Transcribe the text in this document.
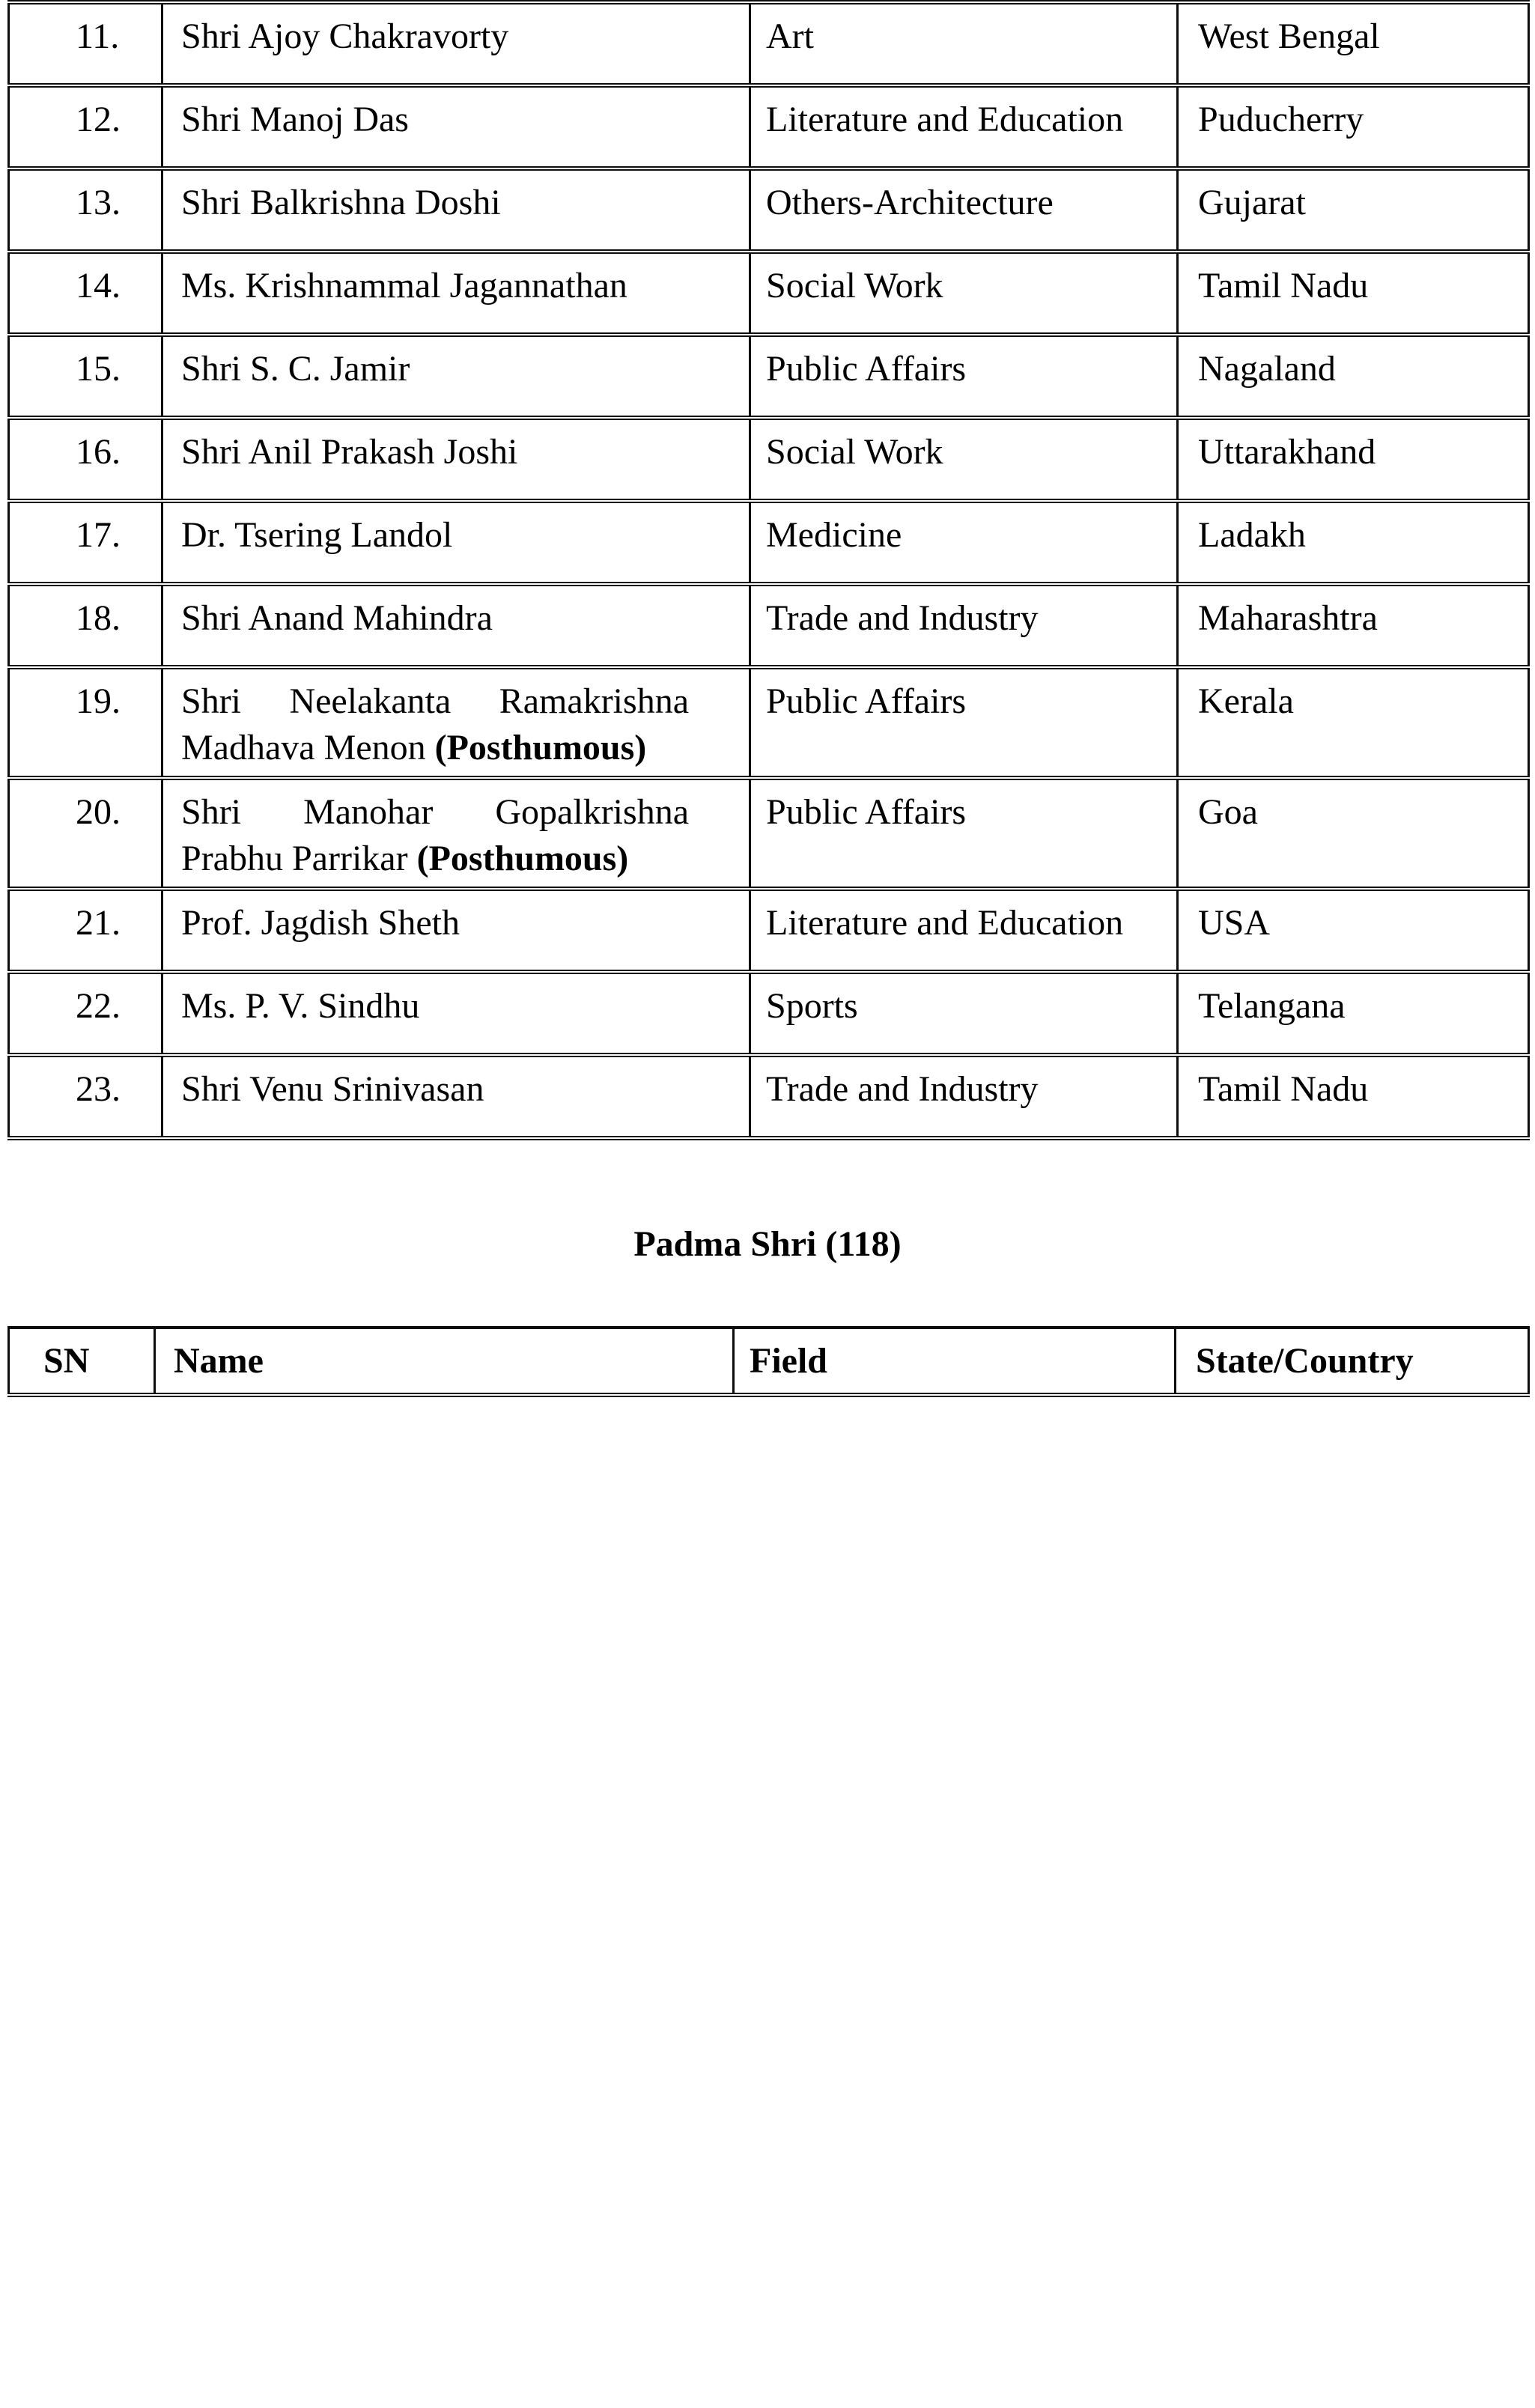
11.	Shri Ajoy Chakravorty	Art	West Bengal
12.	Shri Manoj Das	Literature and Education	Puducherry
13.	Shri Balkrishna Doshi	Others-Architecture	Gujarat
14.	Ms. Krishnammal Jagannathan	Social Work	Tamil Nadu
15.	Shri S. C. Jamir	Public Affairs	Nagaland
16.	Shri Anil Prakash Joshi	Social Work	Uttarakhand
17.	Dr. Tsering Landol	Medicine	Ladakh
18.	Shri Anand Mahindra	Trade and Industry	Maharashtra
19.	Shri Neelakanta Ramakrishna Madhava Menon (Posthumous)	Public Affairs	Kerala
20.	Shri Manohar Gopalkrishna Prabhu Parrikar (Posthumous)	Public Affairs	Goa
21.	Prof. Jagdish Sheth	Literature and Education	USA
22.	Ms. P. V. Sindhu	Sports	Telangana
23.	Shri Venu Srinivasan	Trade and Industry	Tamil Nadu
Padma Shri (118)
SN	Name	Field	State/Country
